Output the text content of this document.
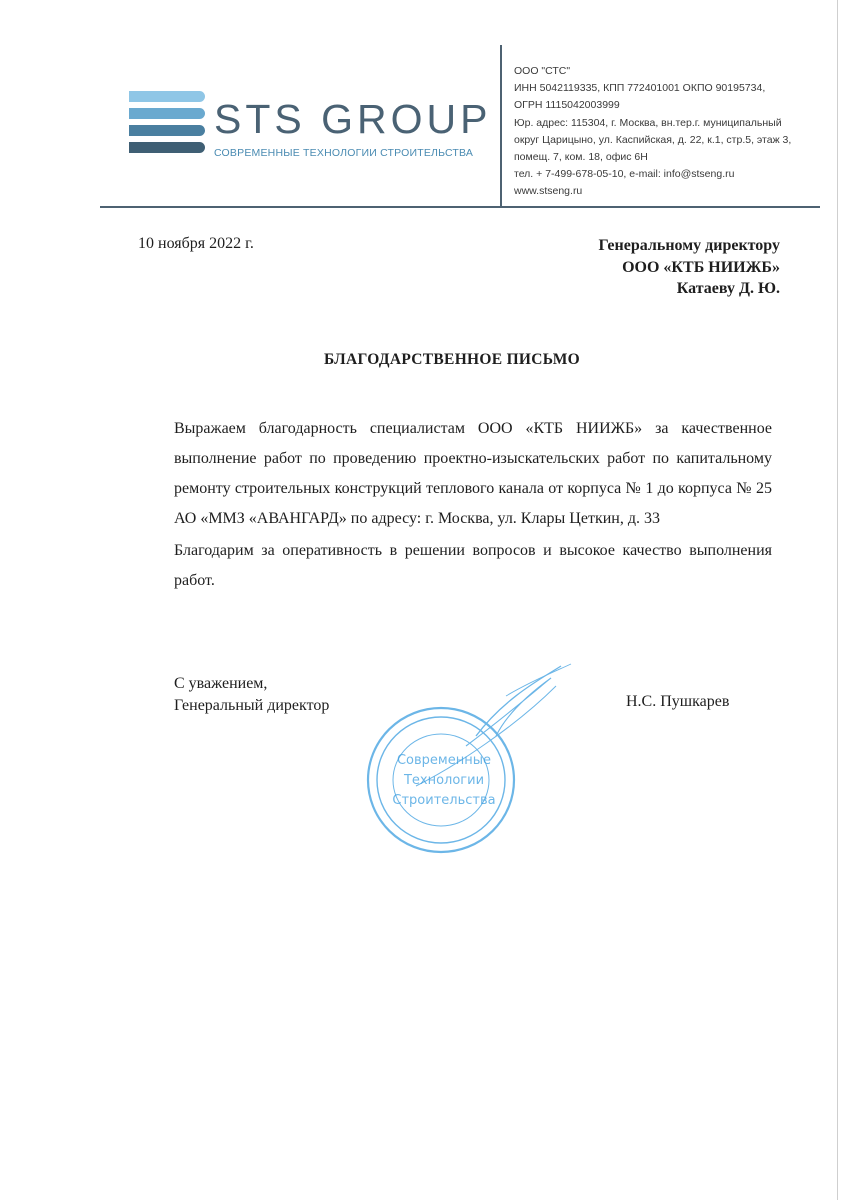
STS GROUP
СОВРЕМЕННЫЕ ТЕХНОЛОГИИ СТРОИТЕЛЬСТВА
ООО "СТС"
ИНН 5042119335, КПП 772401001 ОКПО 90195734,
ОГРН 1115042003999
Юр. адрес: 115304, г. Москва, вн.тер.г. муниципальный
округ Царицыно, ул. Каспийская, д. 22, к.1, стр.5, этаж 3,
помещ. 7, ком. 18, офис 6Н
тел. + 7-499-678-05-10, e-mail: info@stseng.ru
www.stseng.ru
10 ноября 2022 г.	Генеральному директору
ООО «КТБ НИИЖБ»
Катаеву Д. Ю.
БЛАГОДАРСТВЕННОЕ ПИСЬМО

Выражаем благодарность специалистам ООО «КТБ НИИЖБ» за качественное выполнение работ по проведению проектно-изыскательских работ по капитальному ремонту строительных конструкций теплового канала от корпуса № 1 до корпуса № 25 АО «ММЗ «АВАНГАРД» по адресу: г. Москва, ул. Клары Цеткин, д. 33

Благодарим за оперативность в решении вопросов и высокое качество выполнения работ.

С уважением,
Генеральный директор	Н.С. Пушкарев
Современные
Технологии
Строительства
